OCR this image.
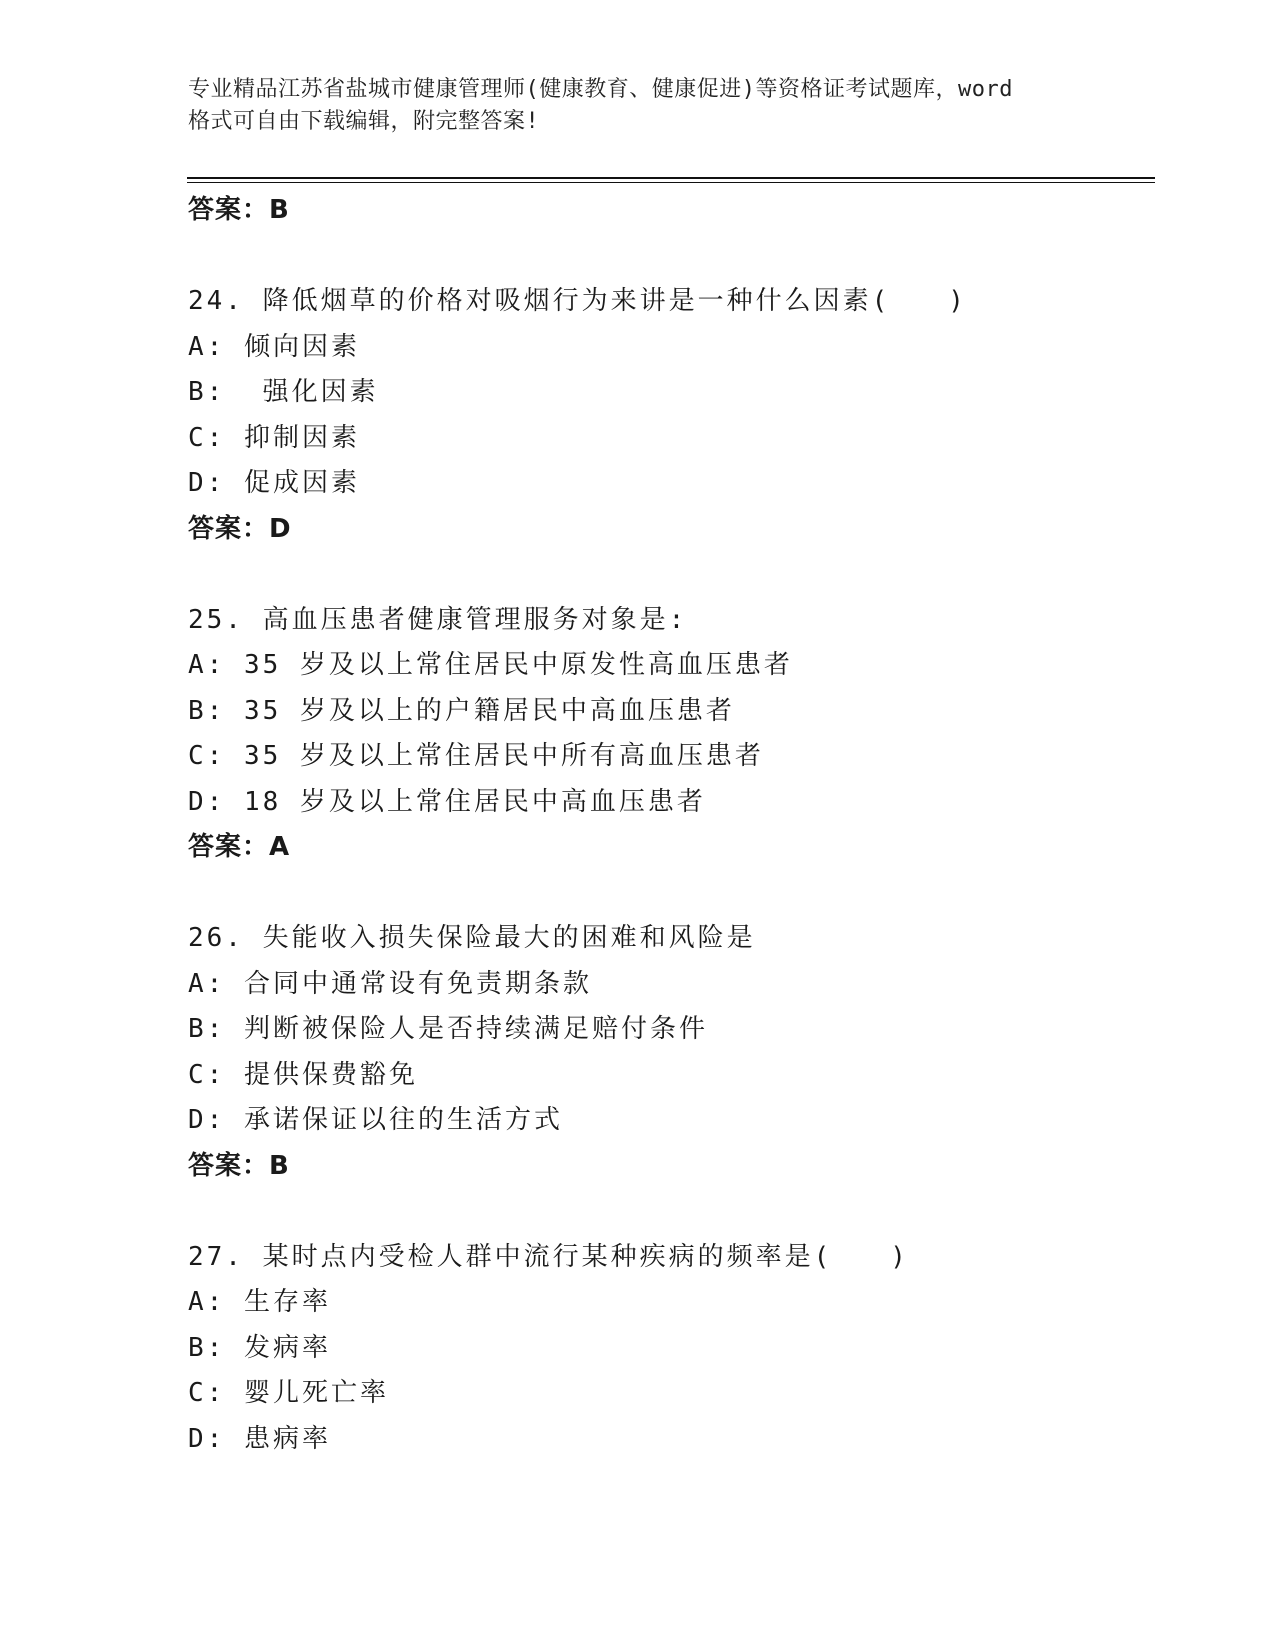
专业精品江苏省盐城市健康管理师(健康教育、健康促进)等资格证考试题库，word
格式可自由下载编辑，附完整答案!
答案：B
24. 降低烟草的价格对吸烟行为来讲是一种什么因素(　　)
A: 倾向因素
B:  强化因素
C: 抑制因素
D: 促成因素
答案：D
25. 高血压患者健康管理服务对象是:
A: 35 岁及以上常住居民中原发性高血压患者
B: 35 岁及以上的户籍居民中高血压患者
C: 35 岁及以上常住居民中所有高血压患者
D: 18 岁及以上常住居民中高血压患者
答案：A
26. 失能收入损失保险最大的困难和风险是
A: 合同中通常设有免责期条款
B: 判断被保险人是否持续满足赔付条件
C: 提供保费豁免
D: 承诺保证以往的生活方式
答案：B
27. 某时点内受检人群中流行某种疾病的频率是(　　)
A: 生存率
B: 发病率
C: 婴儿死亡率
D: 患病率
